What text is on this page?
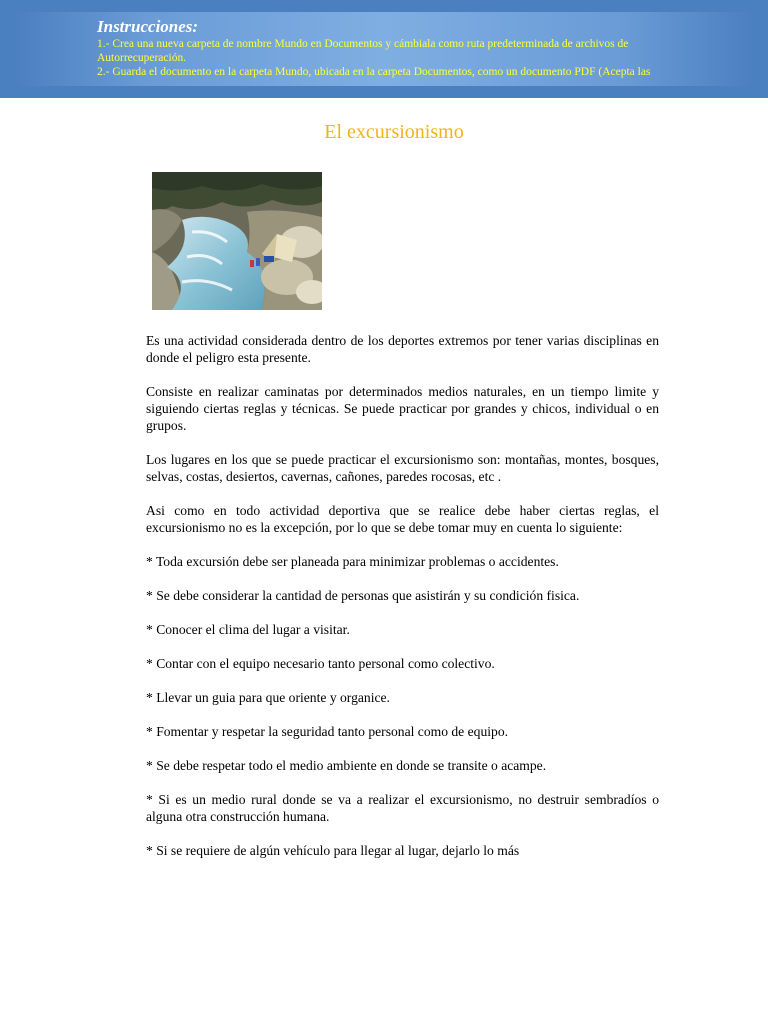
Instrucciones:
1.- Crea una nueva carpeta de nombre Mundo en Documentos y cámbiala como ruta predeterminada de archivos de
Autorrecuperación.
2.- Guarda el documento en la carpeta Mundo, ubicada en la carpeta Documentos, como un documento PDF (Acepta las
El excursionismo

Es una actividad considerada dentro de los deportes extremos por tener varias disciplinas en donde el peligro esta presente.

Consiste en realizar caminatas por determinados medios naturales, en un tiempo limite y siguiendo ciertas reglas y técnicas. Se puede practicar por grandes y chicos, individual o en grupos.

Los lugares en los que se puede practicar el excursionismo son: montañas, montes, bosques, selvas, costas, desiertos, cavernas, cañones, paredes rocosas, etc .

Asi como en todo actividad deportiva que se realice debe haber ciertas reglas, el excursionismo no es la excepción, por lo que se debe tomar muy en cuenta lo siguiente:

* Toda excursión debe ser planeada para minimizar problemas o accidentes.

* Se debe considerar la cantidad de personas que asistirán y su condición fisica.

* Conocer el clima del lugar a visitar.

* Contar con el equipo necesario tanto personal como colectivo.

* Llevar un guia para que oriente y organice.

* Fomentar y respetar la seguridad tanto personal como de equipo.

* Se debe respetar todo el medio ambiente en donde se transite o acampe.

* Si es un medio rural donde se va a realizar el excursionismo, no destruir sembradíos o alguna otra construcción humana.

* Si se requiere de algún vehículo para llegar al lugar, dejarlo lo más
